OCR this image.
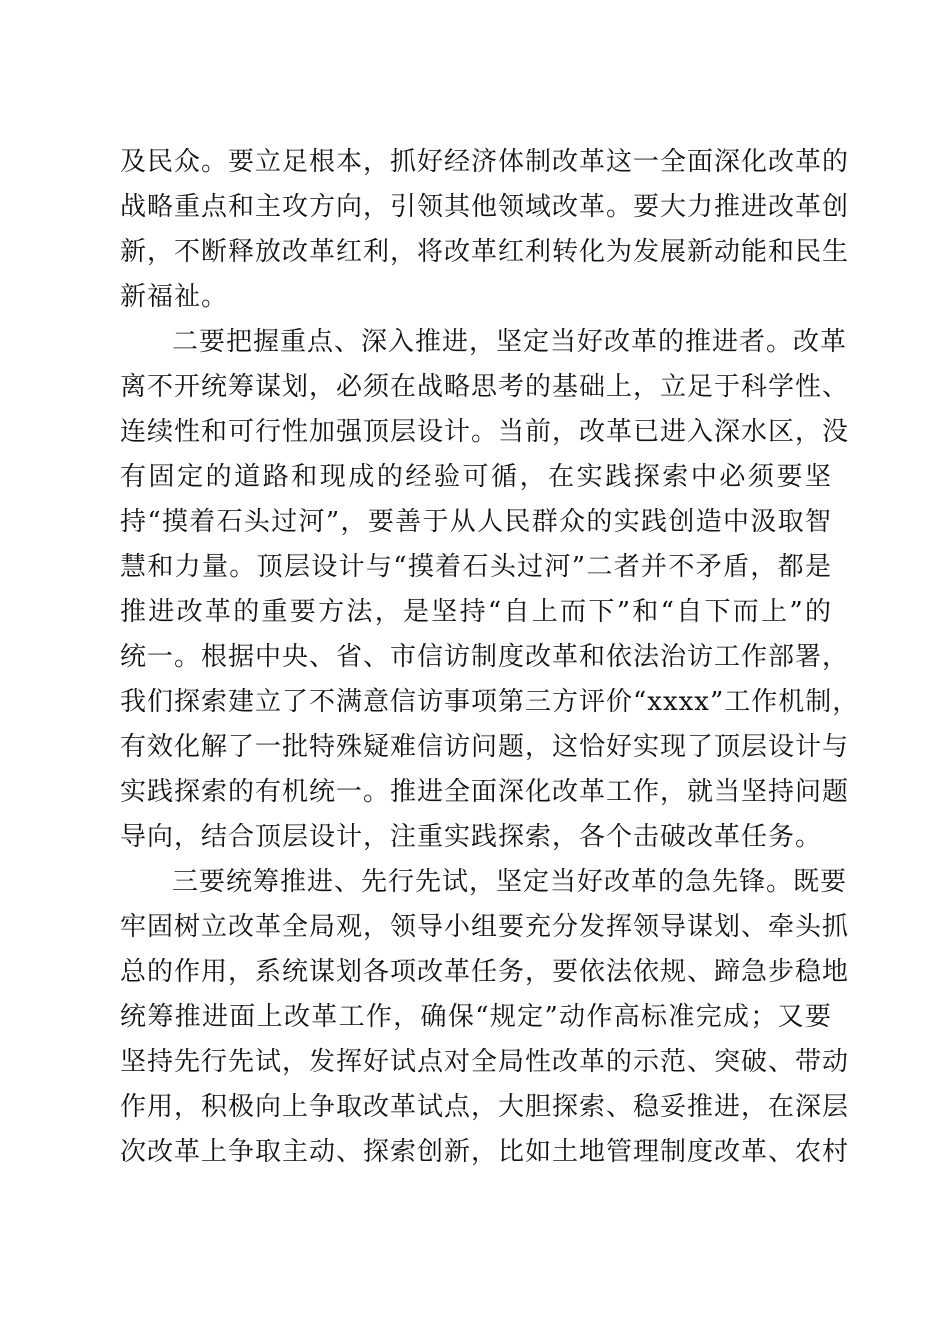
及民众。要立足根本，抓好经济体制改革这一全面深化改革的
战略重点和主攻方向，引领其他领域改革。要大力推进改革创
新，不断释放改革红利，将改革红利转化为发展新动能和民生
新福祉。
二要把握重点、深入推进，坚定当好改革的推进者。改革
离不开统筹谋划，必须在战略思考的基础上，立足于科学性、
连续性和可行性加强顶层设计。当前，改革已进入深水区，没
有固定的道路和现成的经验可循，在实践探索中必须要坚
持“摸着石头过河”，要善于从人民群众的实践创造中汲取智
慧和力量。顶层设计与“摸着石头过河”二者并不矛盾，都是
推进改革的重要方法，是坚持“自上而下”和“自下而上”的
统一。根据中央、省、市信访制度改革和依法治访工作部署，
我们探索建立了不满意信访事项第三方评价“xxxx”工作机制，
有效化解了一批特殊疑难信访问题，这恰好实现了顶层设计与
实践探索的有机统一。推进全面深化改革工作，就当坚持问题
导向，结合顶层设计，注重实践探索，各个击破改革任务。
三要统筹推进、先行先试，坚定当好改革的急先锋。既要
牢固树立改革全局观，领导小组要充分发挥领导谋划、牵头抓
总的作用，系统谋划各项改革任务，要依法依规、蹄急步稳地
统筹推进面上改革工作，确保“规定”动作高标准完成；又要
坚持先行先试，发挥好试点对全局性改革的示范、突破、带动
作用，积极向上争取改革试点，大胆探索、稳妥推进，在深层
次改革上争取主动、探索创新，比如土地管理制度改革、农村
